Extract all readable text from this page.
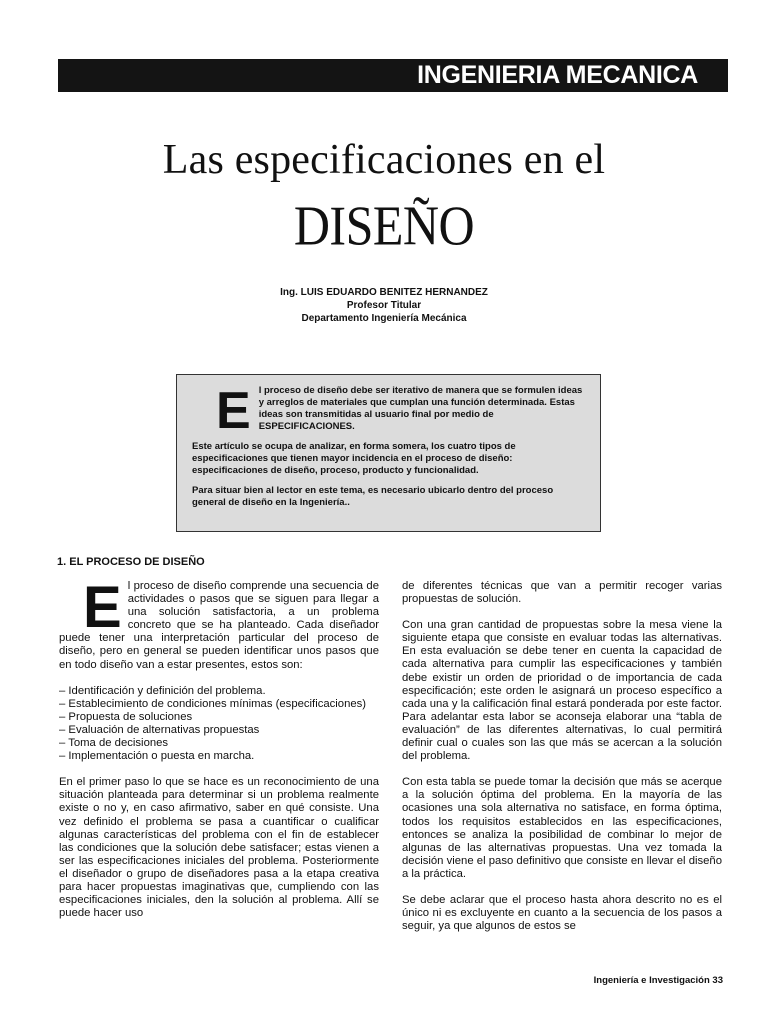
INGENIERIA MECANICA
Las especificaciones en el
DISEÑO
Ing. LUIS EDUARDO BENITEZ HERNANDEZ
Profesor Titular
Departamento Ingeniería Mecánica
E l proceso de diseño debe ser iterativo de manera que se formulen ideas y arreglos de materiales que cumplan una función determinada. Estas ideas son transmitidas al usuario final por medio de ESPECIFICACIONES.

Este artículo se ocupa de analizar, en forma somera, los cuatro tipos de especificaciones que tienen mayor incidencia en el proceso de diseño: especificaciones de diseño, proceso, producto y funcionalidad.

Para situar bien al lector en este tema, es necesario ubicarlo dentro del proceso general de diseño en la Ingeniería..

1. EL PROCESO DE DISEÑO

El proceso de diseño comprende una secuencia de actividades o pasos que se siguen para llegar a una solución satisfactoria, a un problema concreto que se ha planteado. Cada diseñador puede tener una interpretación particular del proceso de diseño, pero en general se pueden identificar unos pasos que en todo diseño van a estar presentes, estos son:

– Identificación y definición del problema.
– Establecimiento de condiciones mínimas (especificaciones)
– Propuesta de soluciones
– Evaluación de alternativas propuestas
– Toma de decisiones
– Implementación o puesta en marcha.

En el primer paso lo que se hace es un reconocimiento de una situación planteada para determinar si un problema realmente existe o no y, en caso afirmativo, saber en qué consiste. Una vez definido el problema se pasa a cuantificar o cualificar algunas características del problema con el fin de establecer las condiciones que la solución debe satisfacer; estas vienen a ser las especificaciones iniciales del problema. Posteriormente el diseñador o grupo de diseñadores pasa a la etapa creativa para hacer propuestas imaginativas que, cumpliendo con las especificaciones iniciales, den la solución al problema. Allí se puede hacer uso

de diferentes técnicas que van a permitir recoger varias propuestas de solución.

Con una gran cantidad de propuestas sobre la mesa viene la siguiente etapa que consiste en evaluar todas las alternativas. En esta evaluación se debe tener en cuenta la capacidad de cada alternativa para cumplir las especificaciones y también debe existir un orden de prioridad o de importancia de cada especificación; este orden le asignará un proceso específico a cada una y la calificación final estará ponderada por este factor. Para adelantar esta labor se aconseja elaborar una “tabla de evaluación” de las diferentes alternativas, lo cual permitirá definir cual o cuales son las que más se acercan a la solución del problema.

Con esta tabla se puede tomar la decisión que más se acerque a la solución óptima del problema. En la mayoría de las ocasiones una sola alternativa no satisface, en forma óptima, todos los requisitos establecidos en las especificaciones, entonces se analiza la posibilidad de combinar lo mejor de algunas de las alternativas propuestas. Una vez tomada la decisión viene el paso definitivo que consiste en llevar el diseño a la práctica.

Se debe aclarar que el proceso hasta ahora descrito no es el único ni es excluyente en cuanto a la secuencia de los pasos a seguir, ya que algunos de estos se

Ingeniería e Investigación 33
